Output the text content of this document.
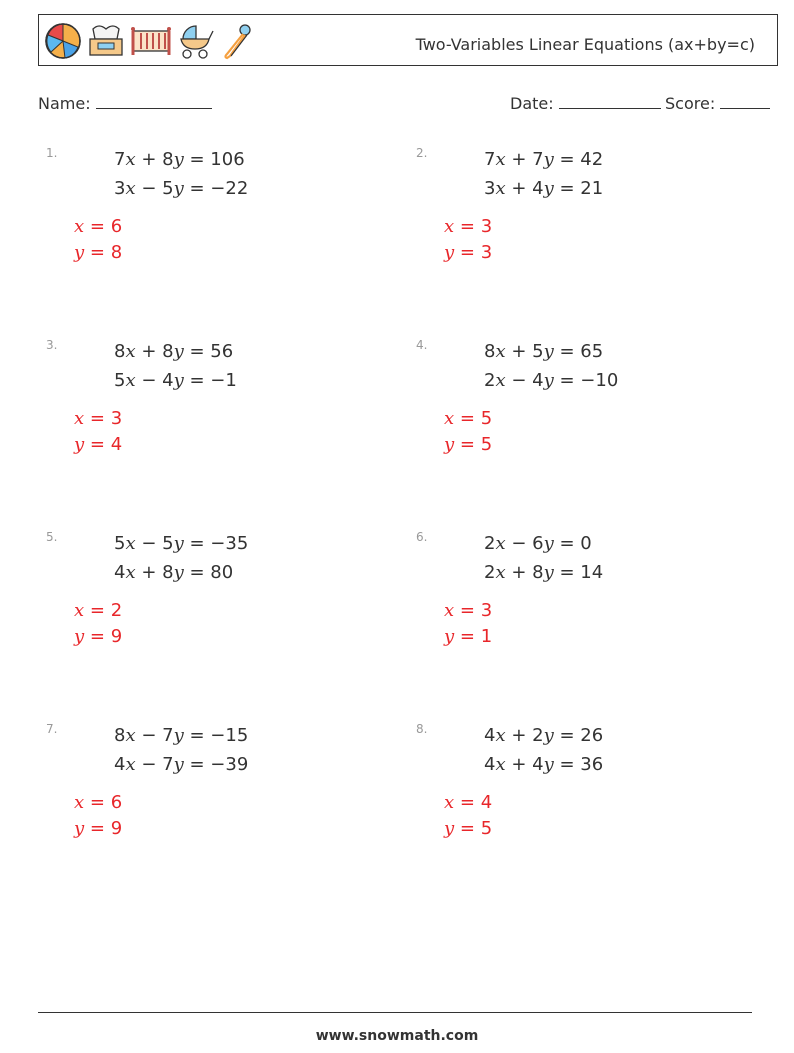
Two-Variables Linear Equations (ax+by=c)
Name:	Date:	Score:
1.	7x + 8y = 106
3x − 5y = −22
x = 6
y = 8
2.	7x + 7y = 42
3x + 4y = 21
x = 3
y = 3
3.	8x + 8y = 56
5x − 4y = −1
x = 3
y = 4
4.	8x + 5y = 65
2x − 4y = −10
x = 5
y = 5
5.	5x − 5y = −35
4x + 8y = 80
x = 2
y = 9
6.	2x − 6y = 0
2x + 8y = 14
x = 3
y = 1
7.	8x − 7y = −15
4x − 7y = −39
x = 6
y = 9
8.	4x + 2y = 26
4x + 4y = 36
x = 4
y = 5
www.snowmath.com
